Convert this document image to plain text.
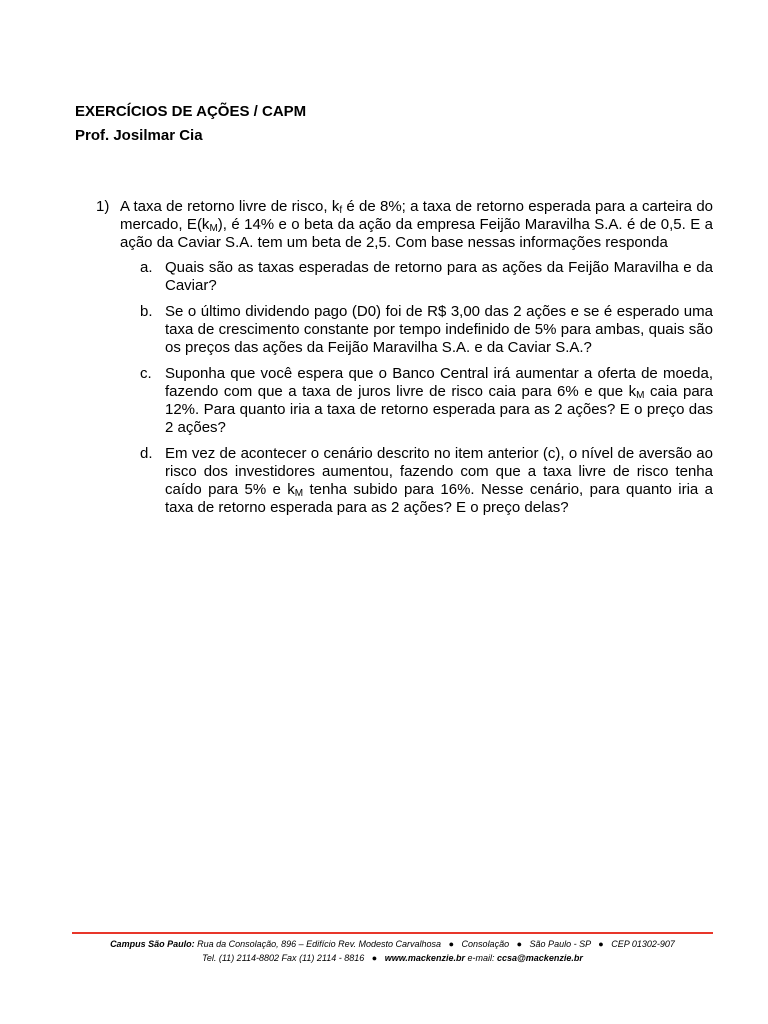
EXERCÍCIOS DE AÇÕES / CAPM

Prof. Josilmar Cia

1) A taxa de retorno livre de risco, $k_f$ é de 8%; a taxa de retorno esperada para a carteira do mercado, $E(k_M)$, é 14% e o beta da ação da empresa Feijão Maravilha S.A. é de 0,5. E a ação da Caviar S.A. tem um beta de 2,5. Com base nessas informações responda
a. Quais são as taxas esperadas de retorno para as ações da Feijão Maravilha e da Caviar?
b. Se o último dividendo pago (D0) foi de R$ 3,00 das 2 ações e se é esperado uma taxa de crescimento constante por tempo indefinido de 5% para ambas, quais são os preços das ações da Feijão Maravilha S.A. e da Caviar S.A.?
c. Suponha que você espera que o Banco Central irá aumentar a oferta de moeda, fazendo com que a taxa de juros livre de risco caia para 6% e que $k_M$ caia para 12%. Para quanto iria a taxa de retorno esperada para as 2 ações? E o preço das 2 ações?
d. Em vez de acontecer o cenário descrito no item anterior (c), o nível de aversão ao risco dos investidores aumentou, fazendo com que a taxa livre de risco tenha caído para 5% e $k_M$ tenha subido para 16%. Nesse cenário, para quanto iria a taxa de retorno esperada para as 2 ações? E o preço delas?
Campus São Paulo: Rua da Consolação, 896 – Edifício Rev. Modesto Carvalhosa ● Consolação ● São Paulo - SP ● CEP 01302-907
Tel. (11) 2114-8802 Fax (11) 2114 - 8816 ● www.mackenzie.br e-mail: ccsa@mackenzie.br
